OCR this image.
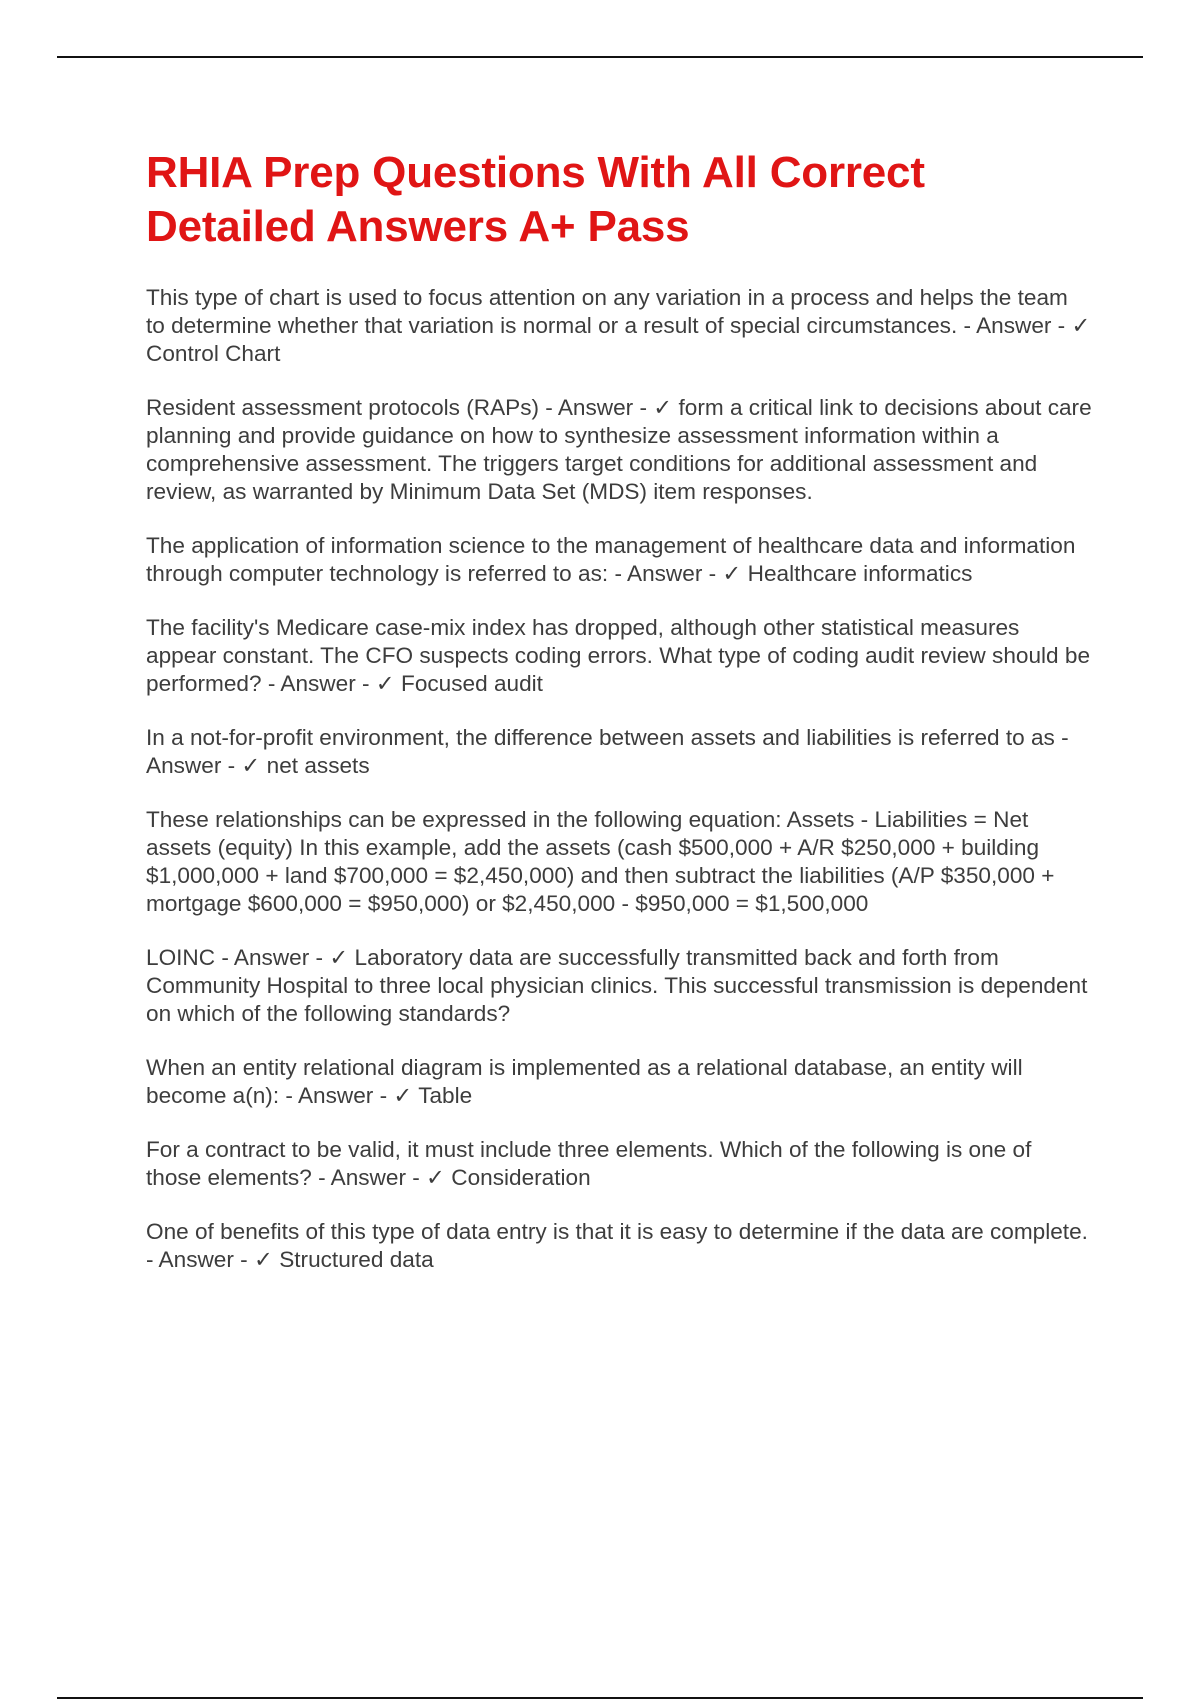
RHIA Prep Questions With All Correct Detailed Answers A+ Pass
This type of chart is used to focus attention on any variation in a process and helps the team to determine whether that variation is normal or a result of special circumstances. - Answer - ✓ Control Chart
Resident assessment protocols (RAPs) - Answer - ✓ form a critical link to decisions about care planning and provide guidance on how to synthesize assessment information within a comprehensive assessment. The triggers target conditions for additional assessment and review, as warranted by Minimum Data Set (MDS) item responses.
The application of information science to the management of healthcare data and information through computer technology is referred to as: - Answer - ✓ Healthcare informatics
The facility's Medicare case-mix index has dropped, although other statistical measures appear constant. The CFO suspects coding errors. What type of coding audit review should be performed? - Answer - ✓ Focused audit
In a not-for-profit environment, the difference between assets and liabilities is referred to as - Answer - ✓ net assets
These relationships can be expressed in the following equation: Assets - Liabilities = Net assets (equity) In this example, add the assets (cash $500,000 + A/R $250,000 + building $1,000,000 + land $700,000 = $2,450,000) and then subtract the liabilities (A/P $350,000 + mortgage $600,000 = $950,000) or $2,450,000 - $950,000 = $1,500,000
LOINC - Answer - ✓ Laboratory data are successfully transmitted back and forth from Community Hospital to three local physician clinics. This successful transmission is dependent on which of the following standards?
When an entity relational diagram is implemented as a relational database, an entity will become a(n): - Answer - ✓ Table
For a contract to be valid, it must include three elements. Which of the following is one of those elements? - Answer - ✓ Consideration
One of benefits of this type of data entry is that it is easy to determine if the data are complete. - Answer - ✓ Structured data
